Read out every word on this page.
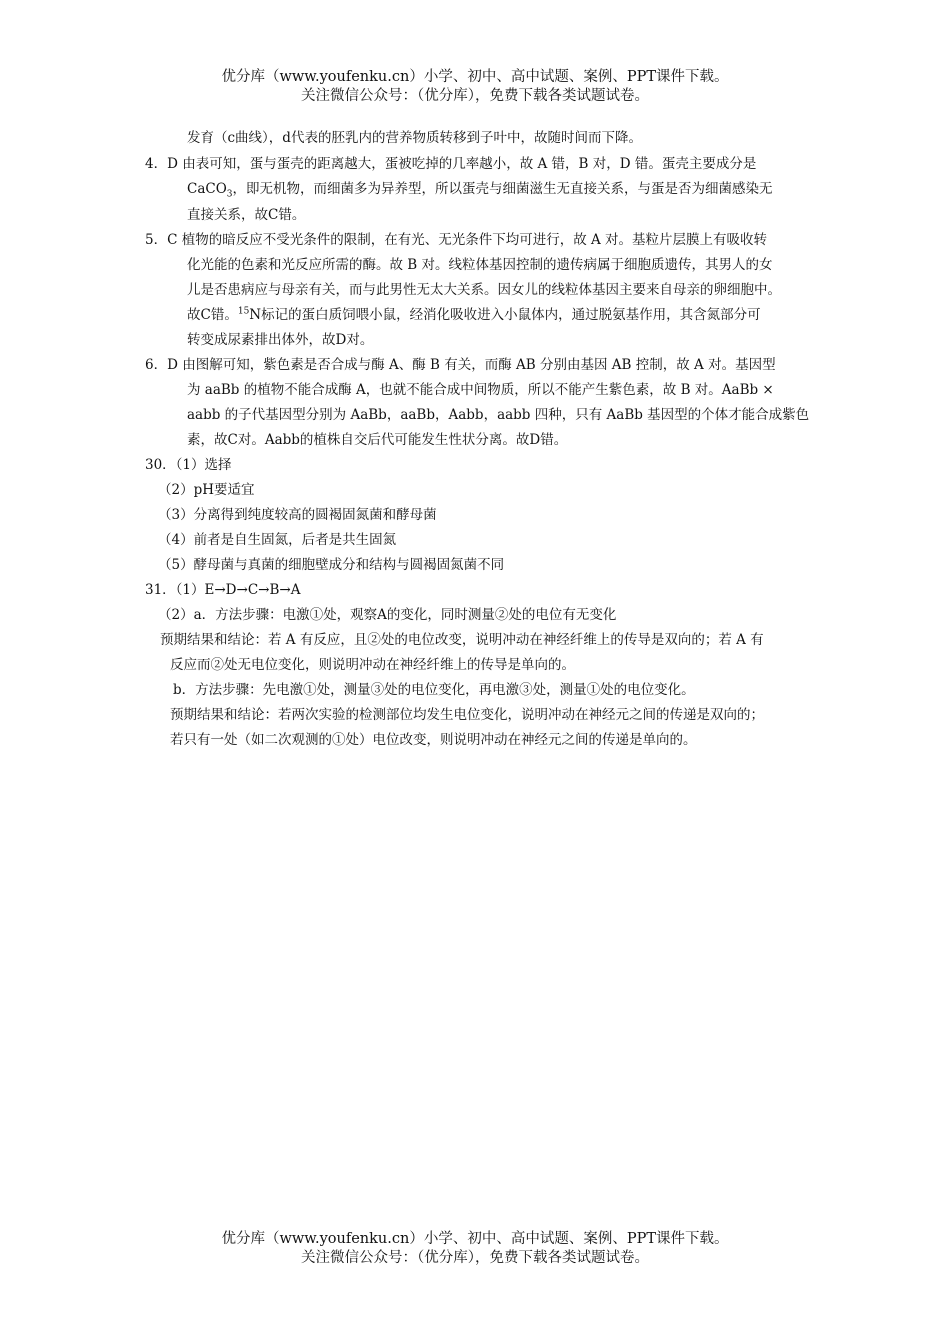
优分库（www.youfenku.cn）小学、初中、高中试题、案例、PPT课件下载。
关注微信公众号：（优分库），免费下载各类试题试卷。
发育（c曲线），d代表的胚乳内的营养物质转移到子叶中，故随时间而下降。
4．D 由表可知，蛋与蛋壳的距离越大，蛋被吃掉的几率越小，故 A 错，B 对，D 错。蛋壳主要成分是
CaCO$_3$，即无机物，而细菌多为异养型，所以蛋壳与细菌滋生无直接关系，与蛋是否为细菌感染无
直接关系，故C错。
5．C 植物的暗反应不受光条件的限制，在有光、无光条件下均可进行，故 A 对。基粒片层膜上有吸收转
化光能的色素和光反应所需的酶。故 B 对。线粒体基因控制的遗传病属于细胞质遗传，其男人的女
儿是否患病应与母亲有关，而与此男性无太大关系。因女儿的线粒体基因主要来自母亲的卵细胞中。
故C错。$^{15}$N标记的蛋白质饲喂小鼠，经消化吸收进入小鼠体内，通过脱氨基作用，其含氮部分可
转变成尿素排出体外，故D对。
6．D 由图解可知，紫色素是否合成与酶 A、酶 B 有关，而酶 AB 分别由基因 AB 控制，故 A 对。基因型
为 aaBb 的植物不能合成酶 A，也就不能合成中间物质，所以不能产生紫色素，故 B 对。AaBb ×
aabb 的子代基因型分别为 AaBb，aaBb，Aabb，aabb 四种，只有 AaBb 基因型的个体才能合成紫色
素，故C对。Aabb的植株自交后代可能发生性状分离。故D错。
30．（1）选择
（2）pH要适宜
（3）分离得到纯度较高的圆褐固氮菌和酵母菌
（4）前者是自生固氮，后者是共生固氮
（5）酵母菌与真菌的细胞壁成分和结构与圆褐固氮菌不同
31．（1）E→D→C→B→A
（2）a．方法步骤：电激①处，观察A的变化，同时测量②处的电位有无变化
预期结果和结论：若 A 有反应，且②处的电位改变，说明冲动在神经纤维上的传导是双向的；若 A 有
反应而②处无电位变化，则说明冲动在神经纤维上的传导是单向的。
b．方法步骤：先电激①处，测量③处的电位变化，再电激③处，测量①处的电位变化。
预期结果和结论：若两次实验的检测部位均发生电位变化，说明冲动在神经元之间的传递是双向的；
若只有一处（如二次观测的①处）电位改变，则说明冲动在神经元之间的传递是单向的。
优分库（www.youfenku.cn）小学、初中、高中试题、案例、PPT课件下载。
关注微信公众号：（优分库），免费下载各类试题试卷。
